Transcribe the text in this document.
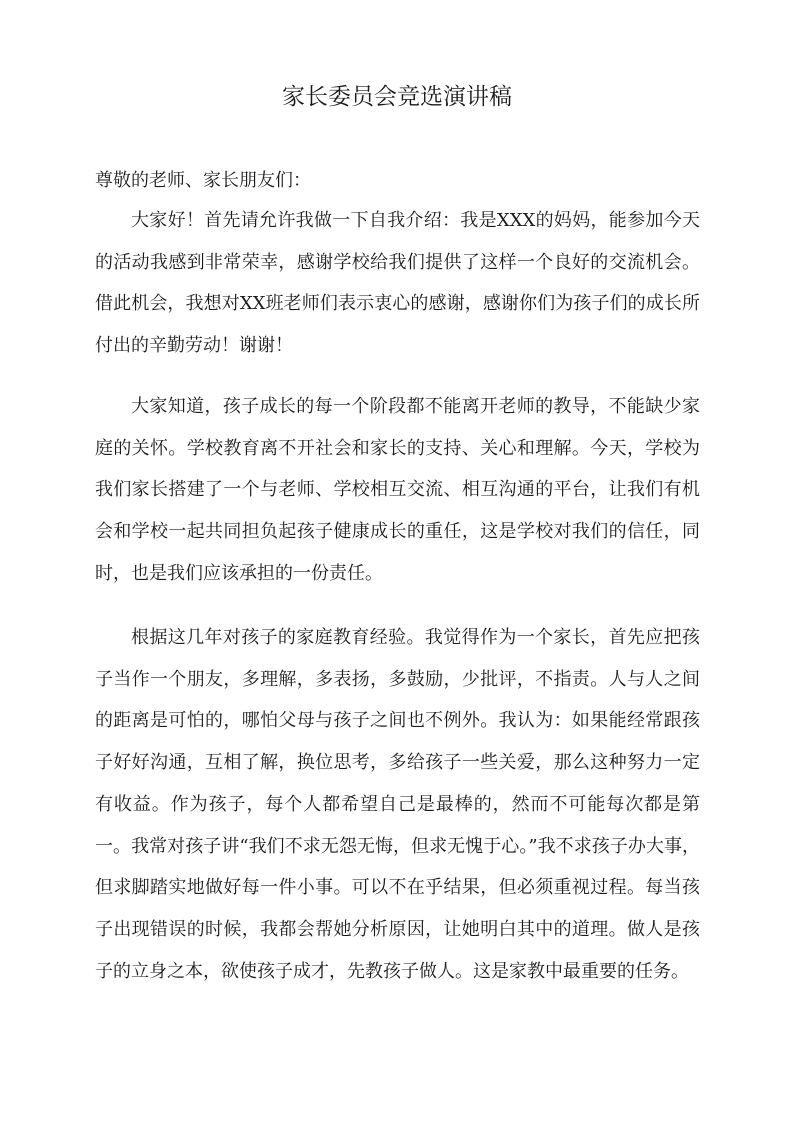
家长委员会竞选演讲稿
尊敬的老师、家长朋友们：

大家好！首先请允许我做一下自我介绍：我是XXX的妈妈，能参加今天的活动我感到非常荣幸，感谢学校给我们提供了这样一个良好的交流机会。借此机会，我想对XX班老师们表示衷心的感谢，感谢你们为孩子们的成长所付出的辛勤劳动！谢谢！

大家知道，孩子成长的每一个阶段都不能离开老师的教导，不能缺少家庭的关怀。学校教育离不开社会和家长的支持、关心和理解。今天，学校为我们家长搭建了一个与老师、学校相互交流、相互沟通的平台，让我们有机会和学校一起共同担负起孩子健康成长的重任，这是学校对我们的信任，同时，也是我们应该承担的一份责任。

根据这几年对孩子的家庭教育经验。我觉得作为一个家长，首先应把孩子当作一个朋友，多理解，多表扬，多鼓励，少批评，不指责。人与人之间的距离是可怕的，哪怕父母与孩子之间也不例外。我认为：如果能经常跟孩子好好沟通，互相了解，换位思考，多给孩子一些关爱，那么这种努力一定有收益。作为孩子，每个人都希望自己是最棒的，然而不可能每次都是第一。我常对孩子讲“我们不求无怨无悔，但求无愧于心。”我不求孩子办大事，但求脚踏实地做好每一件小事。可以不在乎结果，但必须重视过程。每当孩子出现错误的时候，我都会帮她分析原因，让她明白其中的道理。做人是孩子的立身之本，欲使孩子成才，先教孩子做人。这是家教中最重要的任务。
